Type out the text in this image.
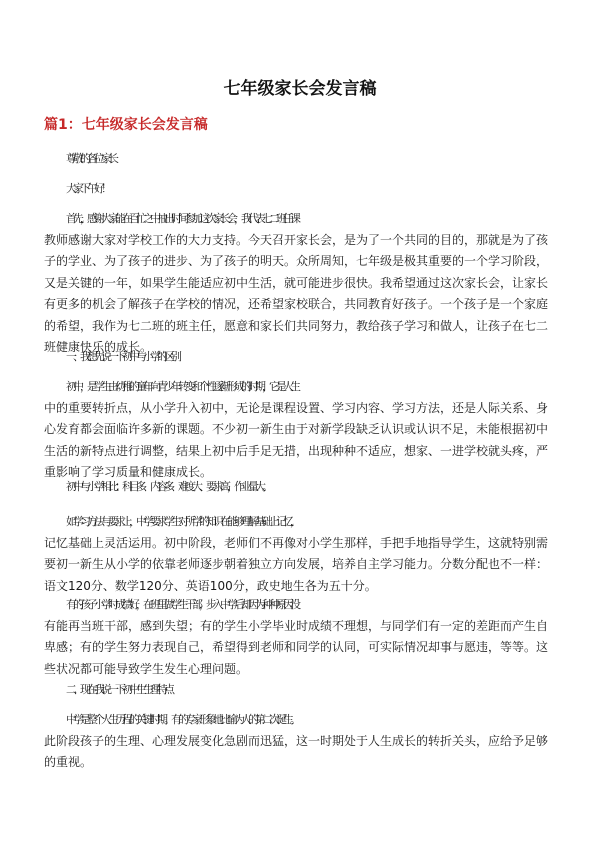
七年级家长会发言稿
篇1：七年级家长会发言稿
尊敬的各位家长
大家下午好！
首先，感谢大家能在百忙之中抽出时间参加这次家长会，我代表七二班任课
教师感谢大家对学校工作的大力支持。今天召开家长会，是为了一个共同的目的，那就是为了孩
子的学业、为了孩子的进步、为了孩子的明天。众所周知，七年级是极其重要的一个学习阶段，
又是关键的一年，如果学生能适应初中生活，就可能进步很快。我希望通过这次家长会，让家长
有更多的机会了解孩子在学校的情况，还希望家校联合，共同教育好孩子。一个孩子是一个家庭
的希望，我作为七二班的班主任，愿意和家长们共同努力，教给孩子学习和做人，让孩子在七二
班健康快乐的成长。
一、我想先说一下初中与小学的区别
初中，是学生由幼稚的童年向青少年转变和个性逐渐形成的时期，它是人生
中的重要转折点，从小学升入初中，无论是课程设置、学习内容、学习方法，还是人际关系、身
心发育都会面临许多新的课题。不少初一新生由于对新学段缺乏认识或认识不足，未能根据初中
生活的新特点进行调整，结果上初中后手足无措，出现种种不适应，想家、一进学校就头疼，严
重影响了学习质量和健康成长。
初中与小学相比：科目多、内容多、难度大、要求高，作业量大。
如学习方法与要求上，中学要求学生对所学的知识在能够理解基础上记忆，
记忆基础上灵活运用。初中阶段，老师们不再像对小学生那样，手把手地指导学生，这就特别需
要初一新生从小学的依靠老师逐步朝着独立方向发展，培养自主学习能力。分数分配也不一样：
语文120分、数学120分、英语100分，政史地生各为五十分。
有的孩子小学时成绩好，在班里做学生干部，步入中学后却因为种种原因没
有能再当班干部，感到失望；有的学生小学毕业时成绩不理想，与同学们有一定的差距而产生自
卑感；有的学生努力表现自己，希望得到老师和同学的认同，可实际情况却事与愿违，等等。这
些状况都可能导致学生发生心理问题。
二、现在我说一下初中生生理特点
中学是整个人生历程的关键时期。有的专家形象地比喻为人的第二次诞生。
此阶段孩子的生理、心理发展变化急剧而迅猛，这一时期处于人生成长的转折关头，应给予足够
的重视。
